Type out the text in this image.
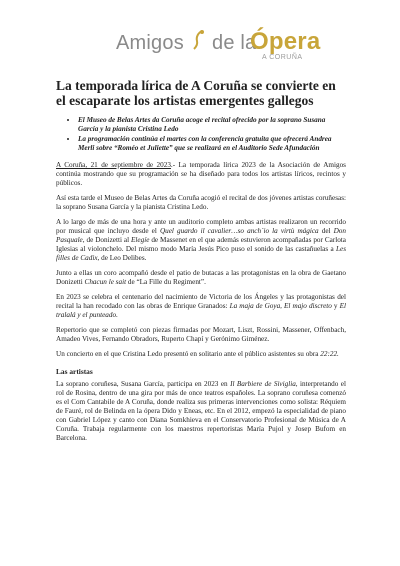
Amigos de la
Ópera
A CORUÑA
La temporada lírica de A Coruña se convierte en el escaparate los artistas emergentes gallegos
• El Museo de Belas Artes da Coruña acoge el recital ofrecido por la soprano Susana García y la pianista Cristina Ledo
• La programación continúa el martes con la conferencia gratuita que ofrecerá Andrea Merli sobre “Roméo et Juliette” que se realizará en el Auditorio Sede Afundación

A Coruña, 21 de septiembre de 2023.- La temporada lírica 2023 de la Asociación de Amigos continúa mostrando que su programación se ha diseñado para todos los artistas líricos, recintos y públicos.

Así esta tarde el Museo de Belas Artes da Coruña acogió el recital de dos jóvenes artistas coruñesas: la soprano Susana García y la pianista Cristina Ledo.

A lo largo de más de una hora y ante un auditorio completo ambas artistas realizaron un recorrido por musical que incluyo desde el Quel guardo il cavalier…so anch´io la virtù mágica del Don Pasquale, de Donizetti al Elegíe de Massenet en el que además estuvieron acompañadas por Carlota Iglesias al violonchelo. Del mismo modo María Jesús Pico puso el sonido de las castañuelas a Les filles de Cadix, de Leo Delibes.

Junto a ellas un coro acompañó desde el patio de butacas a las protagonistas en la obra de Gaetano Donizetti Chacun le sait de “La Fille du Regiment”.

En 2023 se celebra el centenario del nacimiento de Victoria de los Ángeles y las protagonistas del recital la han recodado con las obras de Enrique Granados: La maja de Goya, El majo discreto y El tralalá y el punteado.

Repertorio que se completó con piezas firmadas por Mozart, Liszt, Rossini, Massener, Offenbach, Amadeo Vives, Fernando Obradors, Ruperto Chapí y Gerónimo Giménez.

Un concierto en el que Cristina Ledo presentó en solitario ante el público asistentes su obra 22:22.

Las artistas

La soprano coruñesa, Susana García, participa en 2023 en Il Barbiere de Siviglia, interpretando el rol de Rosina, dentro de una gira por más de once teatros españoles. La soprano coruñesa comenzó es el Com Cantabile de A Coruña, donde realiza sus primeras intervenciones como solista: Réquiem de Fauré, rol de Belinda en la ópera Dido y Eneas, etc. En el 2012, empezó la especialidad de piano con Gabriel López y canto con Diana Somkhieva en el Conservatorio Profesional de Música de A Coruña. Trabaja regularmente con los maestros repertoristas María Pujol y Josep Bufom en Barcelona.
